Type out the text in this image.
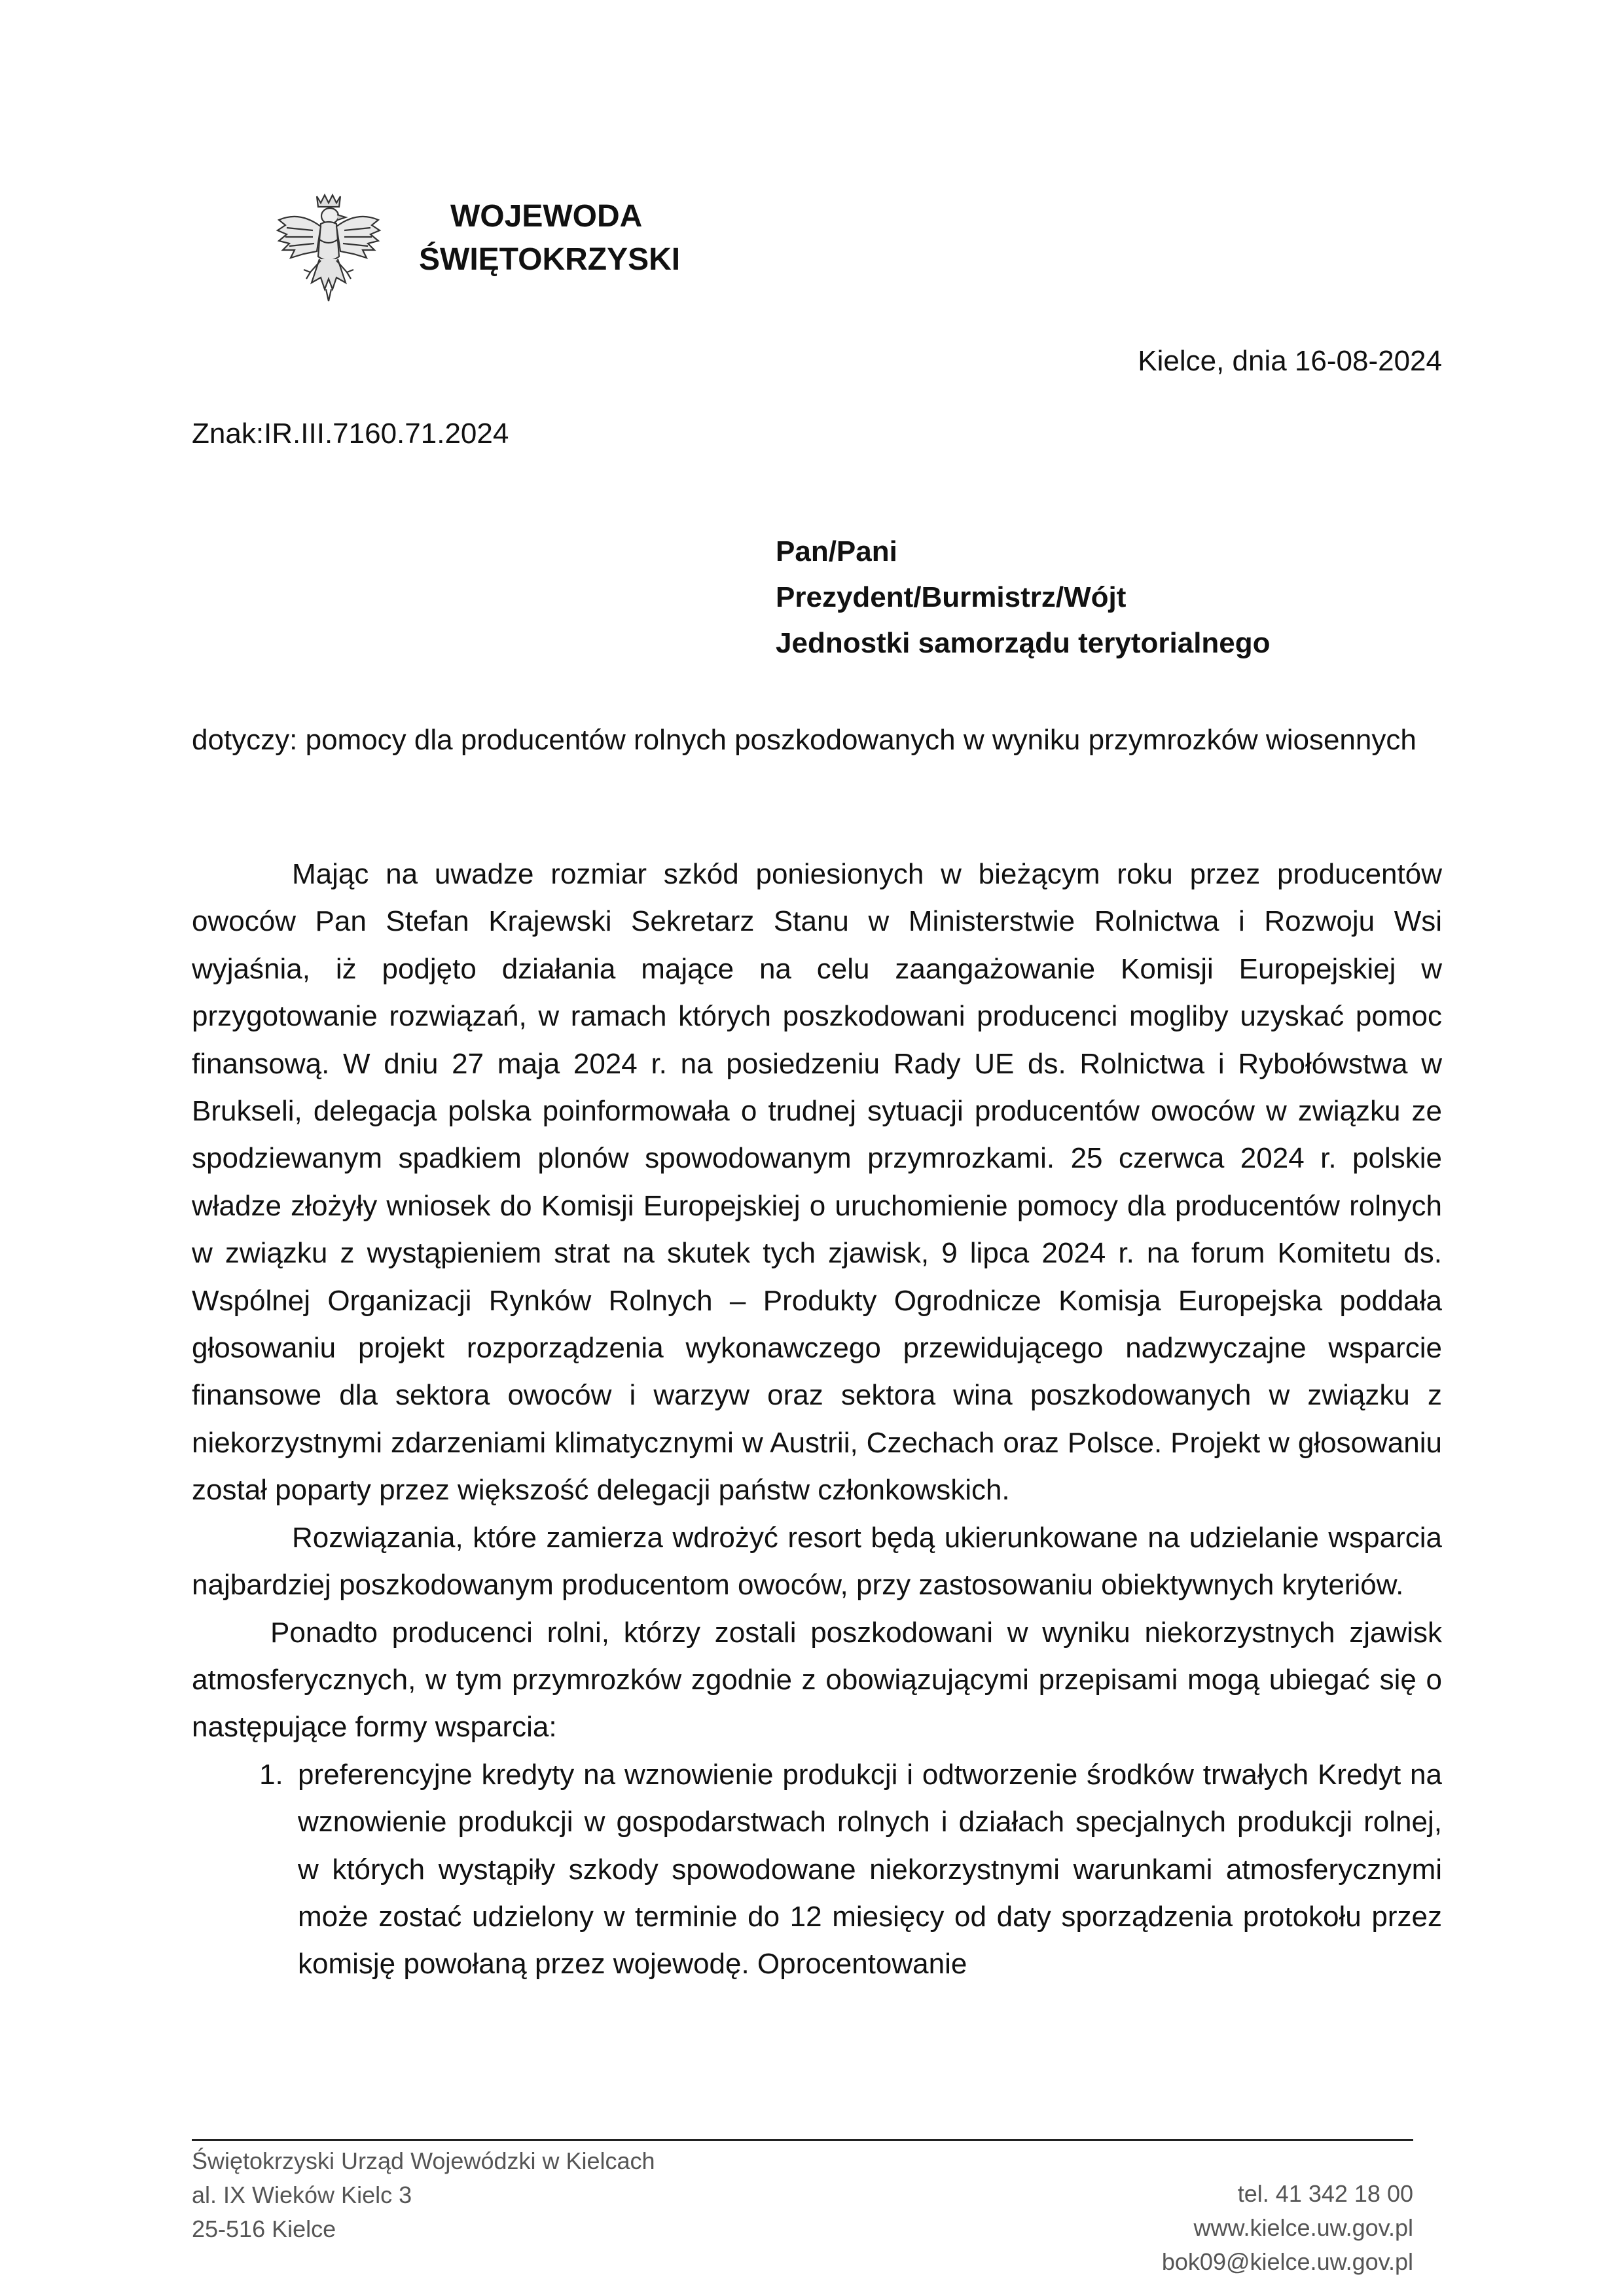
WOJEWODA
ŚWIĘTOKRZYSKI
Kielce, dnia 16-08-2024
Znak:IR.III.7160.71.2024
Pan/Pani
Prezydent/Burmistrz/Wójt
Jednostki samorządu terytorialnego
dotyczy: pomocy dla producentów rolnych poszkodowanych w wyniku przymrozków wiosennych

Mając na uwadze rozmiar szkód poniesionych w bieżącym roku przez producentów owoców Pan Stefan Krajewski Sekretarz Stanu w Ministerstwie Rolnictwa i Rozwoju Wsi wyjaśnia, iż podjęto działania mające na celu zaangażowanie Komisji Europejskiej w przygotowanie rozwiązań, w ramach których poszkodowani producenci mogliby uzyskać pomoc finansową. W dniu 27 maja 2024 r. na posiedzeniu Rady UE ds. Rolnictwa i Rybołówstwa w Brukseli, delegacja polska poinformowała o trudnej sytuacji producentów owoców w związku ze spodziewanym spadkiem plonów spowodowanym przymrozkami. 25 czerwca 2024 r. polskie władze złożyły wniosek do Komisji Europejskiej o uruchomienie pomocy dla producentów rolnych w związku z wystąpieniem strat na skutek tych zjawisk, 9 lipca 2024 r. na forum Komitetu ds. Wspólnej Organizacji Rynków Rolnych – Produkty Ogrodnicze Komisja Europejska poddała głosowaniu projekt rozporządzenia wykonawczego przewidującego nadzwyczajne wsparcie finansowe dla sektora owoców i warzyw oraz sektora wina poszkodowanych w związku z niekorzystnymi zdarzeniami klimatycznymi w Austrii, Czechach oraz Polsce. Projekt w głosowaniu został poparty przez większość delegacji państw członkowskich.

Rozwiązania, które zamierza wdrożyć resort będą ukierunkowane na udzielanie wsparcia najbardziej poszkodowanym producentom owoców, przy zastosowaniu obiektywnych kryteriów.

Ponadto producenci rolni, którzy zostali poszkodowani w wyniku niekorzystnych zjawisk atmosferycznych, w tym przymrozków zgodnie z obowiązującymi przepisami mogą ubiegać się o następujące formy wsparcia:

1. preferencyjne kredyty na wznowienie produkcji i odtworzenie środków trwałych Kredyt na wznowienie produkcji w gospodarstwach rolnych i działach specjalnych produkcji rolnej, w których wystąpiły szkody spowodowane niekorzystnymi warunkami atmosferycznymi może zostać udzielony w terminie do 12 miesięcy od daty sporządzenia protokołu przez komisję powołaną przez wojewodę. Oprocentowanie
Świętokrzyski Urząd Wojewódzki w Kielcach
al. IX Wieków Kielc 3
25-516 Kielce
tel. 41 342 18 00
www.kielce.uw.gov.pl
bok09@kielce.uw.gov.pl
